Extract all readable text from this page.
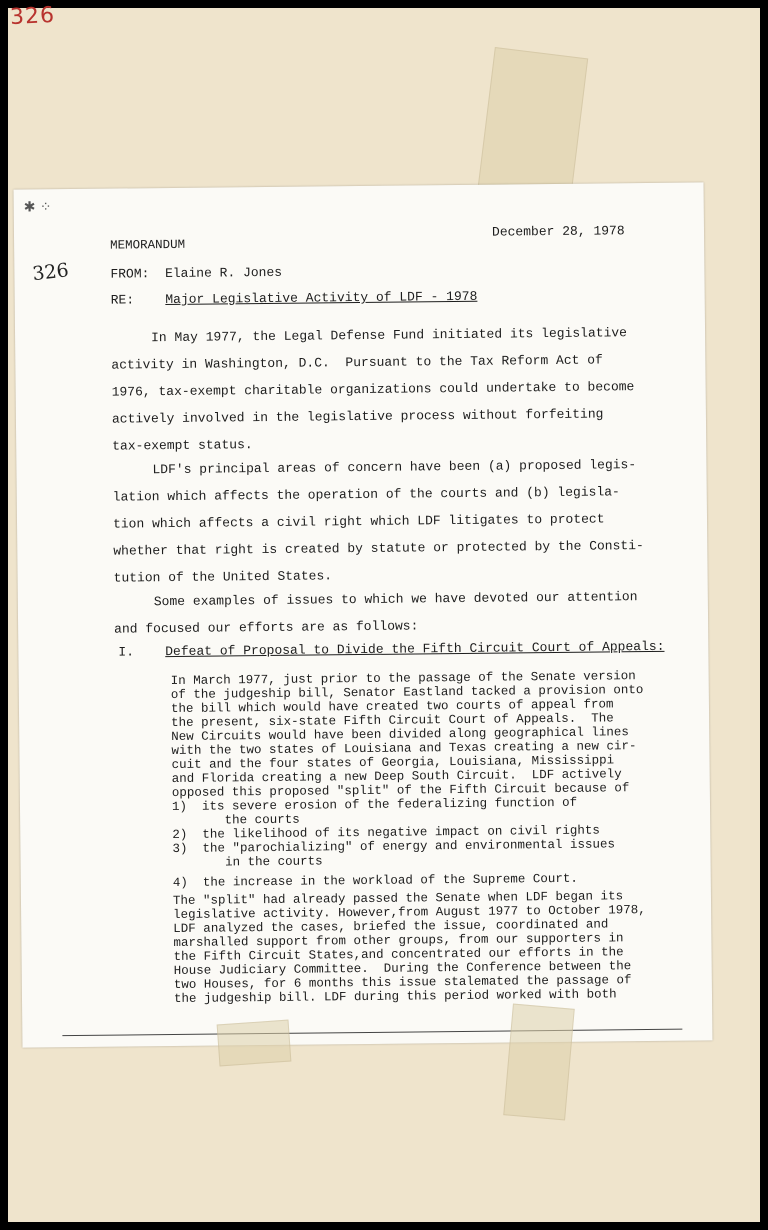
326
✱ ⁘
326
MEMORANDUM
December 28, 1978
FROM: Elaine R. Jones
RE: Major Legislative Activity of LDF - 1978
In May 1977, the Legal Defense Fund initiated its legislative
activity in Washington, D.C.  Pursuant to the Tax Reform Act of
1976, tax-exempt charitable organizations could undertake to become
actively involved in the legislative process without forfeiting
tax-exempt status.
LDF's principal areas of concern have been (a) proposed legis-
lation which affects the operation of the courts and (b) legisla-
tion which affects a civil right which LDF litigates to protect
whether that right is created by statute or protected by the Consti-
tution of the United States.
Some examples of issues to which we have devoted our attention
and focused our efforts are as follows:
I. Defeat of Proposal to Divide the Fifth Circuit Court of Appeals:
In March 1977, just prior to the passage of the Senate version
of the judgeship bill, Senator Eastland tacked a provision onto
the bill which would have created two courts of appeal from
the present, six-state Fifth Circuit Court of Appeals.  The
New Circuits would have been divided along geographical lines
with the two states of Louisiana and Texas creating a new cir-
cuit and the four states of Georgia, Louisiana, Mississippi
and Florida creating a new Deep South Circuit.  LDF actively
opposed this proposed "split" of the Fifth Circuit because of
1)  its severe erosion of the federalizing function of
the courts
2)  the likelihood of its negative impact on civil rights
3)  the "parochializing" of energy and environmental issues
in the courts
4)  the increase in the workload of the Supreme Court.
The "split" had already passed the Senate when LDF began its
legislative activity. However,from August 1977 to October 1978,
LDF analyzed the cases, briefed the issue, coordinated and
marshalled support from other groups, from our supporters in
the Fifth Circuit States,and concentrated our efforts in the
House Judiciary Committee.  During the Conference between the
two Houses, for 6 months this issue stalemated the passage of
the judgeship bill. LDF during this period worked with both
